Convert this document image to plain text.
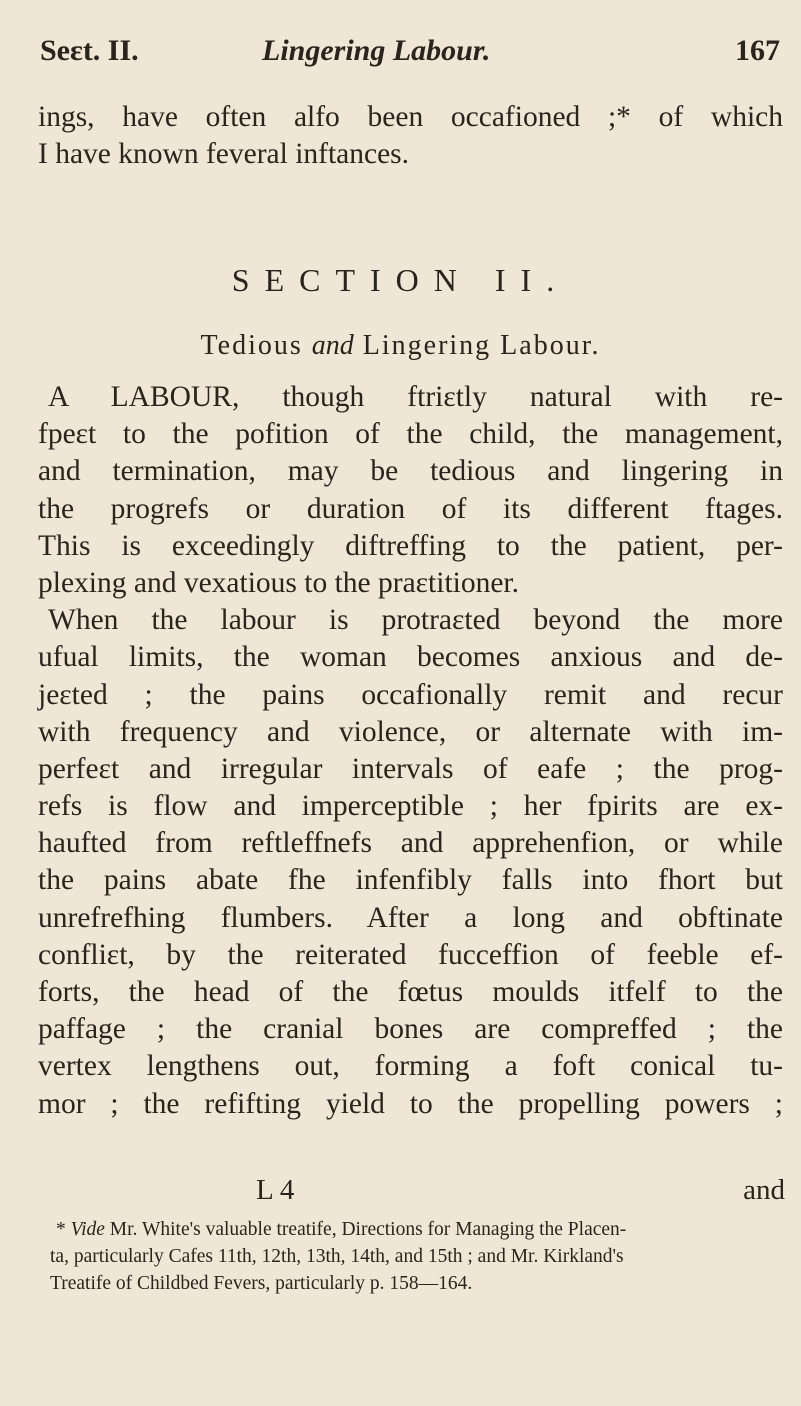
Seɛt. II.	Lingering Labour.	167
ings, have often alfo been occafioned ;* of which
I have known feveral inftances.
SECTION II.
Tedious and Lingering Labour.
A LABOUR, though ftriɛtly natural with re-
fpeɛt to the pofition of the child, the management,
and termination, may be tedious and lingering in
the progrefs or duration of its different ftages.
This is exceedingly diftreffing to the patient, per-
plexing and vexatious to the praɛtitioner.
When the labour is protraɛted beyond the more
ufual limits, the woman becomes anxious and de-
jeɛted ; the pains occafionally remit and recur
with frequency and violence, or alternate with im-
perfeɛt and irregular intervals of eafe ; the prog-
refs is flow and imperceptible ; her fpirits are ex-
haufted from reftleffnefs and apprehenfion, or while
the pains abate fhe infenfibly falls into fhort but
unrefrefhing flumbers. After a long and obftinate
confliɛt, by the reiterated fucceffion of feeble ef-
forts, the head of the fœtus moulds itfelf to the
paffage ; the cranial bones are compreffed ; the
vertex lengthens out, forming a foft conical tu-
mor ; the refifting yield to the propelling powers ;
L 4	and
* Vide Mr. White's valuable treatife, Directions for Managing the Placen-
ta, particularly Cafes 11th, 12th, 13th, 14th, and 15th ; and Mr. Kirkland's
Treatife of Childbed Fevers, particularly p. 158—164.
